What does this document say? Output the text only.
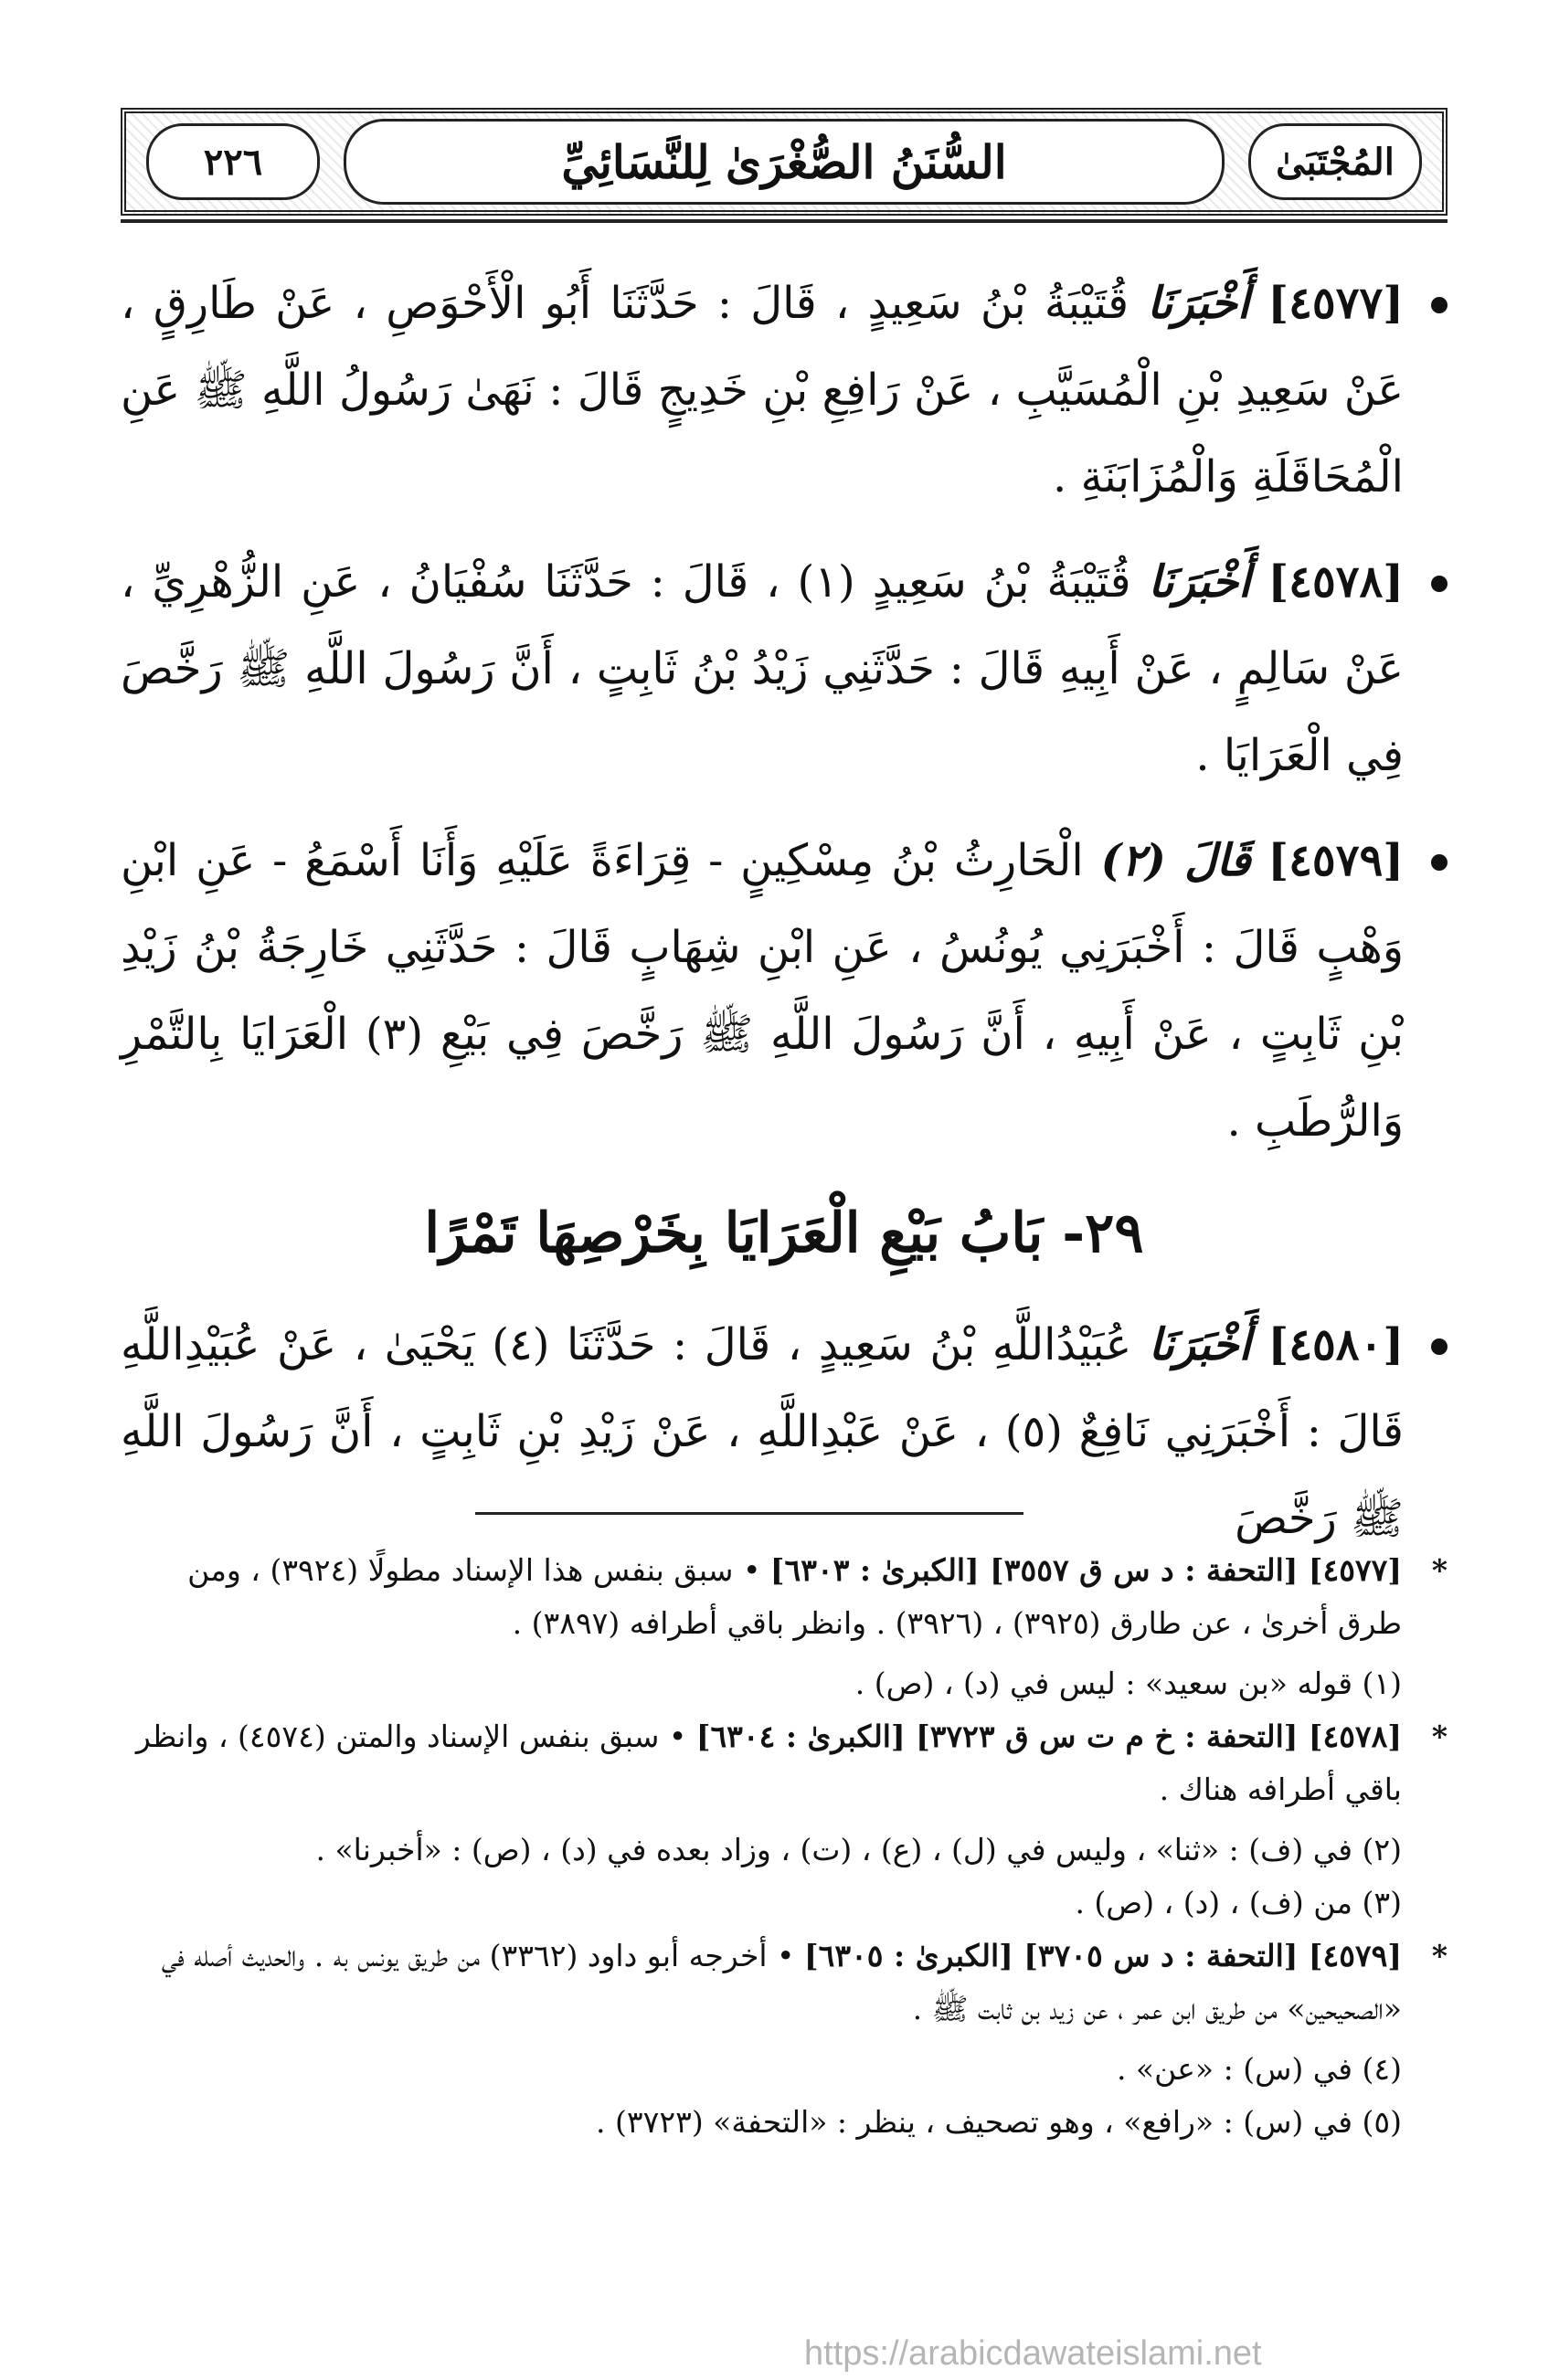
٢٢٦	السُّنَنُ الصُّغْرَىٰ لِلنَّسَائِيِّ	المُجْتَبَىٰ
[٤٥٧٧] أَخْبَرَنَا قُتَيْبَةُ بْنُ سَعِيدٍ ، قَالَ : حَدَّثَنَا أَبُو الْأَحْوَصِ ، عَنْ طَارِقٍ ، عَنْ سَعِيدِ بْنِ الْمُسَيَّبِ ، عَنْ رَافِعِ بْنِ خَدِيجٍ قَالَ : نَهَىٰ رَسُولُ اللَّهِ ﷺ عَنِ الْمُحَاقَلَةِ وَالْمُزَابَنَةِ .
[٤٥٧٨] أَخْبَرَنَا قُتَيْبَةُ بْنُ سَعِيدٍ (١) ، قَالَ : حَدَّثَنَا سُفْيَانُ ، عَنِ الزُّهْرِيِّ ، عَنْ سَالِمٍ ، عَنْ أَبِيهِ قَالَ : حَدَّثَنِي زَيْدُ بْنُ ثَابِتٍ ، أَنَّ رَسُولَ اللَّهِ ﷺ رَخَّصَ فِي الْعَرَايَا .
[٤٥٧٩] قَالَ (٢) الْحَارِثُ بْنُ مِسْكِينٍ - قِرَاءَةً عَلَيْهِ وَأَنَا أَسْمَعُ - عَنِ ابْنِ وَهْبٍ قَالَ : أَخْبَرَنِي يُونُسُ ، عَنِ ابْنِ شِهَابٍ قَالَ : حَدَّثَنِي خَارِجَةُ بْنُ زَيْدِ بْنِ ثَابِتٍ ، عَنْ أَبِيهِ ، أَنَّ رَسُولَ اللَّهِ ﷺ رَخَّصَ فِي بَيْعِ (٣) الْعَرَايَا بِالتَّمْرِ وَالرُّطَبِ .
٢٩- بَابُ بَيْعِ الْعَرَايَا بِخَرْصِهَا تَمْرًا
[٤٥٨٠] أَخْبَرَنَا عُبَيْدُاللَّهِ بْنُ سَعِيدٍ ، قَالَ : حَدَّثَنَا (٤) يَحْيَىٰ ، عَنْ عُبَيْدِاللَّهِ قَالَ : أَخْبَرَنِي نَافِعٌ (٥) ، عَنْ عَبْدِاللَّهِ ، عَنْ زَيْدِ بْنِ ثَابِتٍ ، أَنَّ رَسُولَ اللَّهِ ﷺ رَخَّصَ
*
[٤٥٧٧] [التحفة : د س ق ٣٥٥٧] [الكبرىٰ : ٦٣٠٣] • سبق بنفس هذا الإسناد مطولًا (٣٩٢٤) ، ومن طرق أخرىٰ ، عن طارق (٣٩٢٥) ، (٣٩٢٦) . وانظر باقي أطرافه (٣٨٩٧) .
(١) قوله «بن سعيد» : ليس في (د) ، (ص) .
*
[٤٥٧٨] [التحفة : خ م ت س ق ٣٧٢٣] [الكبرىٰ : ٦٣٠٤] • سبق بنفس الإسناد والمتن (٤٥٧٤) ، وانظر باقي أطرافه هناك .
(٢) في (ف) : «ثنا» ، وليس في (ل) ، (ع) ، (ت) ، وزاد بعده في (د) ، (ص) : «أخبرنا» .
(٣) من (ف) ، (د) ، (ص) .
*
[٤٥٧٩] [التحفة : د س ٣٧٠٥] [الكبرىٰ : ٦٣٠٥] • أخرجه أبو داود (٣٣٦٢) من طريق يونس به . والحديث أصله في «الصحيحين» من طريق ابن عمر ، عن زيد بن ثابت ﷺ .
(٤) في (س) : «عن» .
(٥) في (س) : «رافع» ، وهو تصحيف ، ينظر : «التحفة» (٣٧٢٣) .
https://arabicdawateislami.net
